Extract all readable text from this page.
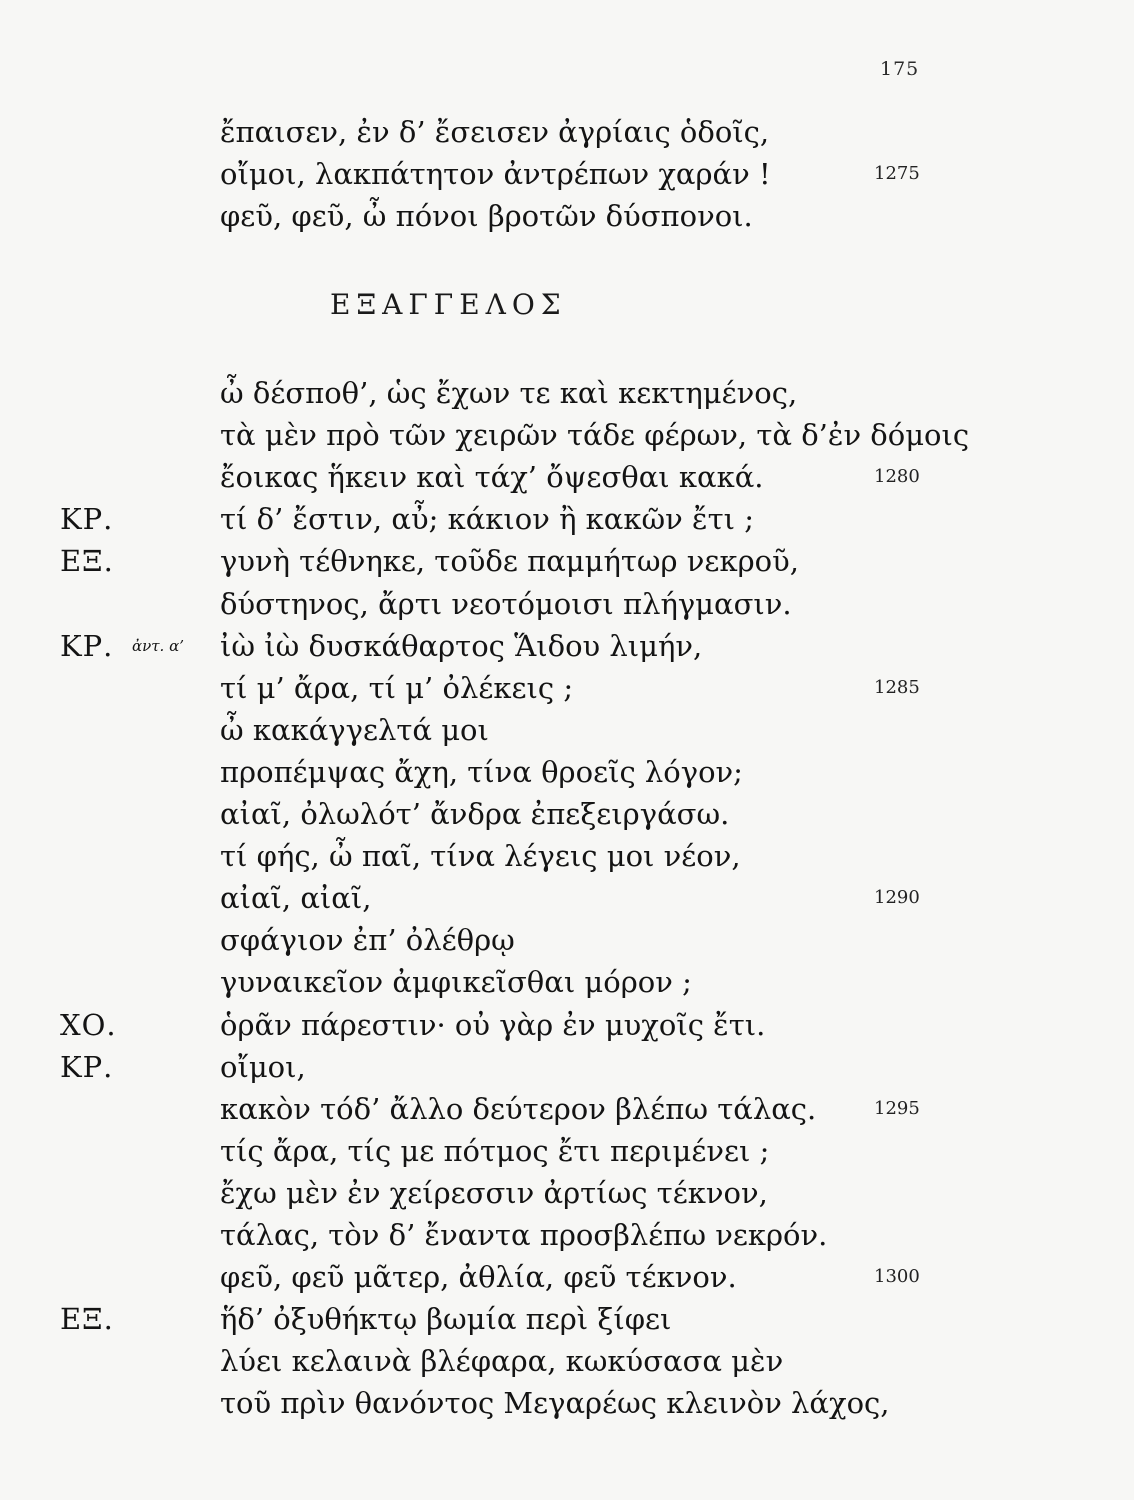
175
ἔπαισεν, ἐν δ’ ἔσεισεν ἀγρίαις ὁδοῖς,
οἴμοι, λακπάτητον ἀντρέπων χαράν !	1275
φεῦ, φεῦ, ὦ πόνοι βροτῶν δύσπονοι.
ΕΞΑΓΓΕΛΟΣ
ὦ δέσποθ’, ὡς ἔχων τε καὶ κεκτημένος,
τὰ μὲν πρὸ τῶν χειρῶν τάδε φέρων, τὰ δ’ἐν δόμοις
ἔοικας ἥκειν καὶ τάχ’ ὄψεσθαι κακά.	1280
ΚΡ.	τί δ’ ἔστιν, αὖ; κάκιον ἢ κακῶν ἔτι ;
ΕΞ.	γυνὴ τέθνηκε, τοῦδε παμμήτωρ νεκροῦ,
δύστηνος, ἄρτι νεοτόμοισι πλήγμασιν.
ΚΡ. ἀντ. α’ ἰὼ ἰὼ δυσκάθαρτος Ἅιδου λιμήν,
τί μ’ ἄρα, τί μ’ ὀλέκεις ;	1285
ὦ κακάγγελτά μοι
προπέμψας ἄχη, τίνα θροεῖς λόγον;
αἰαῖ, ὀλωλότ’ ἄνδρα ἐπεξειργάσω.
τί φής, ὦ παῖ, τίνα λέγεις μοι νέον,
αἰαῖ, αἰαῖ,	1290
σφάγιον ἐπ’ ὀλέθρῳ
γυναικεῖον ἀμφικεῖσθαι μόρον ;
ΧΟ.	ὁρᾶν πάρεστιν· οὐ γὰρ ἐν μυχοῖς ἔτι.
ΚΡ.	οἴμοι,
κακὸν τόδ’ ἄλλο δεύτερον βλέπω τάλας.	1295
τίς ἄρα, τίς με πότμος ἔτι περιμένει ;
ἔχω μὲν ἐν χείρεσσιν ἀρτίως τέκνον,
τάλας, τὸν δ’ ἔναντα προσβλέπω νεκρόν.
φεῦ, φεῦ μᾶτερ, ἀθλία, φεῦ τέκνον.	1300
ΕΞ.	ἥδ’ ὀξυθήκτῳ βωμία περὶ ξίφει
λύει κελαινὰ βλέφαρα, κωκύσασα μὲν
τοῦ πρὶν θανόντος Μεγαρέως κλεινὸν λάχος,
